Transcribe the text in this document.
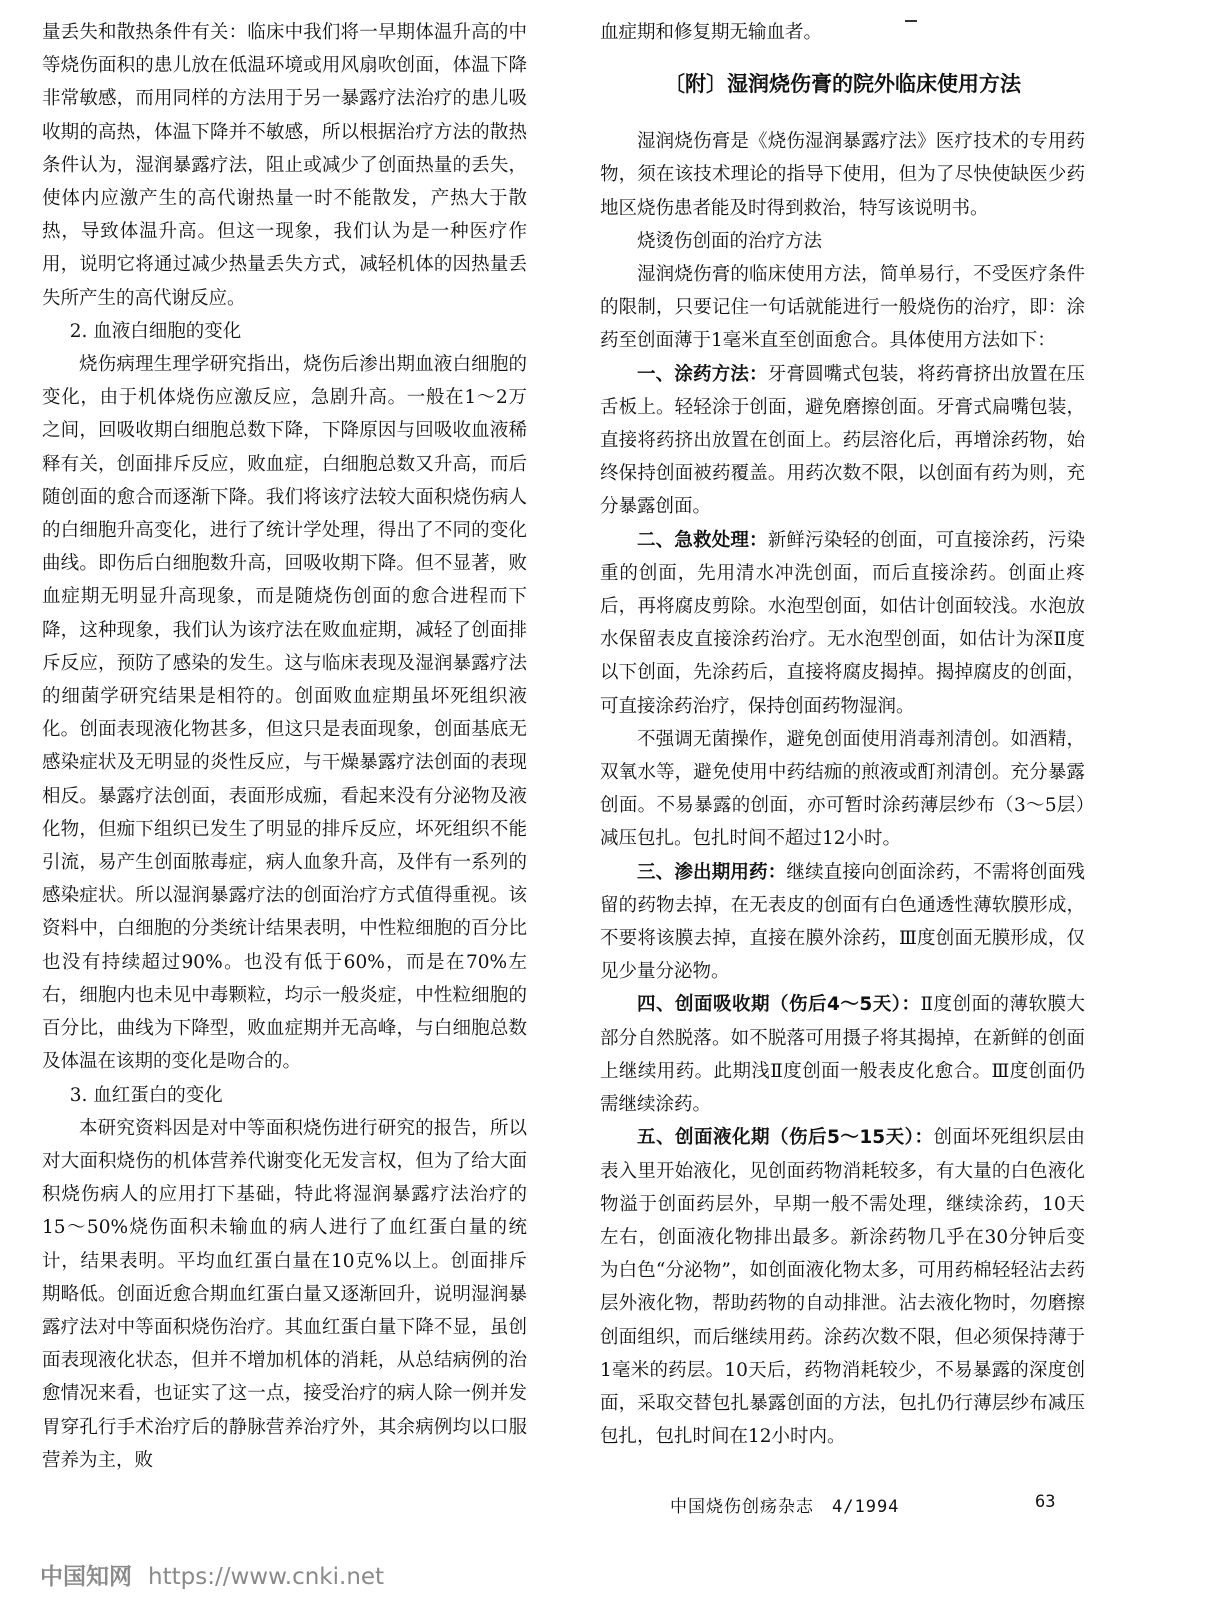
量丢失和散热条件有关：临床中我们将一早期体温升高的中等烧伤面积的患儿放在低温环境或用风扇吹创面，体温下降非常敏感，而用同样的方法用于另一暴露疗法治疗的患儿吸收期的高热，体温下降并不敏感，所以根据治疗方法的散热条件认为，湿润暴露疗法，阻止或减少了创面热量的丢失，使体内应激产生的高代谢热量一时不能散发，产热大于散热，导致体温升高。但这一现象，我们认为是一种医疗作用，说明它将通过减少热量丢失方式，减轻机体的因热量丢失所产生的高代谢反应。

2. 血液白细胞的变化

烧伤病理生理学研究指出，烧伤后渗出期血液白细胞的变化，由于机体烧伤应激反应，急剧升高。一般在1～2万之间，回吸收期白细胞总数下降，下降原因与回吸收血液稀释有关，创面排斥反应，败血症，白细胞总数又升高，而后随创面的愈合而逐渐下降。我们将该疗法较大面积烧伤病人的白细胞升高变化，进行了统计学处理，得出了不同的变化曲线。即伤后白细胞数升高，回吸收期下降。但不显著，败血症期无明显升高现象，而是随烧伤创面的愈合进程而下降，这种现象，我们认为该疗法在败血症期，减轻了创面排斥反应，预防了感染的发生。这与临床表现及湿润暴露疗法的细菌学研究结果是相符的。创面败血症期虽坏死组织液化。创面表现液化物甚多，但这只是表面现象，创面基底无感染症状及无明显的炎性反应，与干燥暴露疗法创面的表现相反。暴露疗法创面，表面形成痂，看起来没有分泌物及液化物，但痂下组织已发生了明显的排斥反应，坏死组织不能引流，易产生创面脓毒症，病人血象升高，及伴有一系列的感染症状。所以湿润暴露疗法的创面治疗方式值得重视。该资料中，白细胞的分类统计结果表明，中性粒细胞的百分比也没有持续超过90%。也没有低于60%，而是在70%左右，细胞内也未见中毒颗粒，均示一般炎症，中性粒细胞的百分比，曲线为下降型，败血症期并无高峰，与白细胞总数及体温在该期的变化是吻合的。

3. 血红蛋白的变化

本研究资料因是对中等面积烧伤进行研究的报告，所以对大面积烧伤的机体营养代谢变化无发言权，但为了给大面积烧伤病人的应用打下基础，特此将湿润暴露疗法治疗的15～50%烧伤面积未输血的病人进行了血红蛋白量的统计，结果表明。平均血红蛋白量在10克%以上。创面排斥期略低。创面近愈合期血红蛋白量又逐渐回升，说明湿润暴露疗法对中等面积烧伤治疗。其血红蛋白量下降不显，虽创面表现液化状态，但并不增加机体的消耗，从总结病例的治愈情况来看，也证实了这一点，接受治疗的病人除一例并发胃穿孔行手术治疗后的静脉营养治疗外，其余病例均以口服营养为主，败

血症期和修复期无输血者。

〔附〕湿润烧伤膏的院外临床使用方法

湿润烧伤膏是《烧伤湿润暴露疗法》医疗技术的专用药物，须在该技术理论的指导下使用，但为了尽快使缺医少药地区烧伤患者能及时得到救治，特写该说明书。

烧烫伤创面的治疗方法

湿润烧伤膏的临床使用方法，简单易行，不受医疗条件的限制，只要记住一句话就能进行一般烧伤的治疗，即：涂药至创面薄于1毫米直至创面愈合。具体使用方法如下：

一、涂药方法：牙膏圆嘴式包装，将药膏挤出放置在压舌板上。轻轻涂于创面，避免磨擦创面。牙膏式扁嘴包装，直接将药挤出放置在创面上。药层溶化后，再增涂药物，始终保持创面被药覆盖。用药次数不限，以创面有药为则，充分暴露创面。

二、急救处理：新鲜污染轻的创面，可直接涂药，污染重的创面，先用清水冲洗创面，而后直接涂药。创面止疼后，再将腐皮剪除。水泡型创面，如估计创面较浅。水泡放水保留表皮直接涂药治疗。无水泡型创面，如估计为深Ⅱ度以下创面，先涂药后，直接将腐皮揭掉。揭掉腐皮的创面，可直接涂药治疗，保持创面药物湿润。

不强调无菌操作，避免创面使用消毒剂清创。如酒精，双氧水等，避免使用中药结痂的煎液或酊剂清创。充分暴露创面。不易暴露的创面，亦可暂时涂药薄层纱布（3～5层）减压包扎。包扎时间不超过12小时。

三、渗出期用药：继续直接向创面涂药，不需将创面残留的药物去掉，在无表皮的创面有白色通透性薄软膜形成，不要将该膜去掉，直接在膜外涂药，Ⅲ度创面无膜形成，仅见少量分泌物。

四、创面吸收期（伤后4～5天）：Ⅱ度创面的薄软膜大部分自然脱落。如不脱落可用摄子将其揭掉，在新鲜的创面上继续用药。此期浅Ⅱ度创面一般表皮化愈合。Ⅲ度创面仍需继续涂药。

五、创面液化期（伤后5～15天）：创面坏死组织层由表入里开始液化，见创面药物消耗较多，有大量的白色液化物溢于创面药层外，早期一般不需处理，继续涂药，10天左右，创面液化物排出最多。新涂药物几乎在30分钟后变为白色“分泌物”，如创面液化物太多，可用药棉轻轻沾去药层外液化物，帮助药物的自动排泄。沾去液化物时，勿磨擦创面组织，而后继续用药。涂药次数不限，但必须保持薄于1毫米的药层。10天后，药物消耗较少，不易暴露的深度创面，采取交替包扎暴露创面的方法，包扎仍行薄层纱布减压包扎，包扎时间在12小时内。

中国烧伤创疡杂志 4/1994	63
中国知网 https://www.cnki.net
